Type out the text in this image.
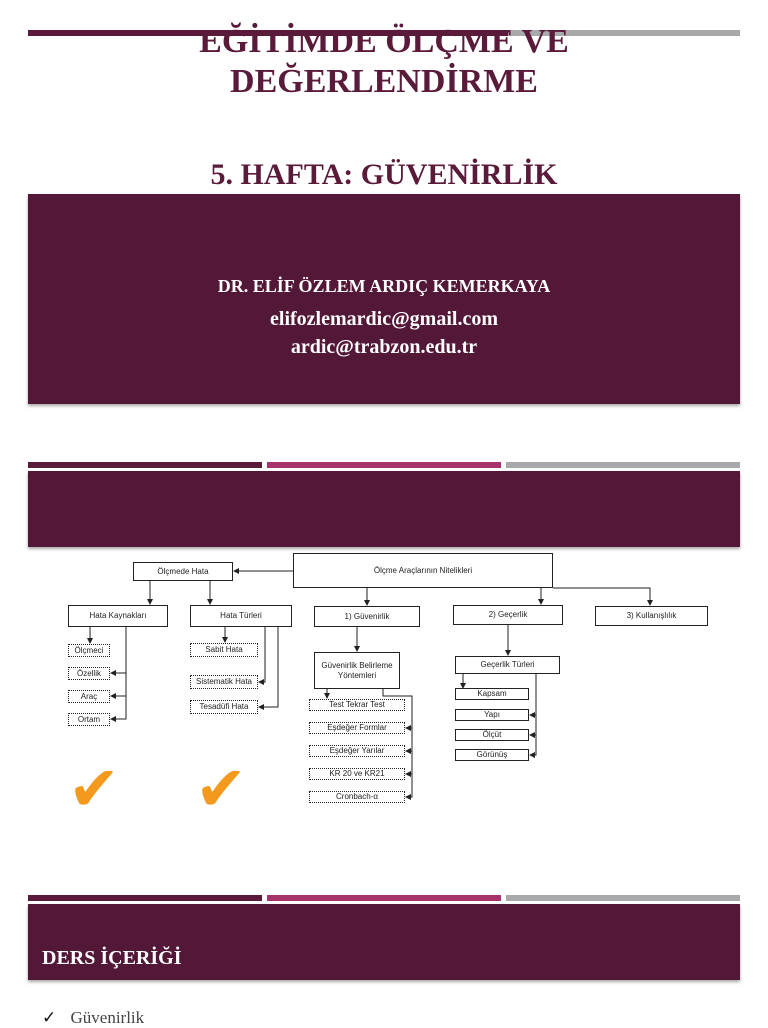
EĞİTİMDE ÖLÇME VE
DEĞERLENDİRME
5. HAFTA: GÜVENİRLİK
DR. ELİF ÖZLEM ARDIÇ KEMERKAYA
elifozlemardic@gmail.com
ardic@trabzon.edu.tr
Ölçme Araçlarının Nitelikleri
Ölçmede Hata
Hata Kaynakları	Hata Türleri	1) Güvenirlik	2) Geçerlik	3) Kullanışlılık
Ölçmeci
Özellik
Araç
Ortam
Sabit Hata
Sistematik Hata
Tesadüfi Hata
Güvenirlik Belirleme Yöntemleri
Test Tekrar Test
Eşdeğer Formlar
Eşdeğer Yarılar
KR 20 ve KR21
Cronbach-α
Geçerlik Türleri
Kapsam
Yapı
Ölçüt
Görünüş
✔ ✔
DERS İÇERİĞİ
✓ Güvenirlik
